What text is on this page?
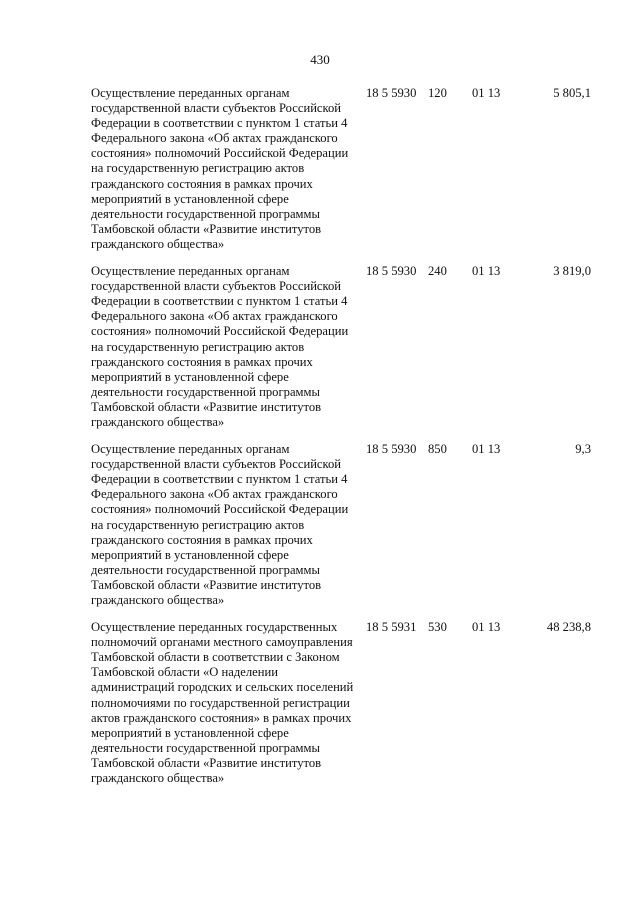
430
Осуществление переданных органам государственной власти субъектов Российской Федерации в соответствии с пунктом 1 статьи 4 Федерального закона «Об актах гражданского состояния» полномочий Российской Федерации на государственную регистрацию актов гражданского состояния в рамках прочих мероприятий в установленной сфере деятельности государственной программы Тамбовской области «Развитие институтов гражданского общества»
18 5 5930 120 01 13	5 805,1
Осуществление переданных органам государственной власти субъектов Российской Федерации в соответствии с пунктом 1 статьи 4 Федерального закона «Об актах гражданского состояния» полномочий Российской Федерации на государственную регистрацию актов гражданского состояния в рамках прочих мероприятий в установленной сфере деятельности государственной программы Тамбовской области «Развитие институтов гражданского общества»
18 5 5930 240 01 13	3 819,0
Осуществление переданных органам государственной власти субъектов Российской Федерации в соответствии с пунктом 1 статьи 4 Федерального закона «Об актах гражданского состояния» полномочий Российской Федерации на государственную регистрацию актов гражданского состояния в рамках прочих мероприятий в установленной сфере деятельности государственной программы Тамбовской области «Развитие институтов гражданского общества»
18 5 5930 850 01 13	9,3
Осуществление переданных государственных полномочий органами местного самоуправления Тамбовской области в соответствии с Законом Тамбовской области «О наделении администраций городских и сельских поселений полномочиями по государственной регистрации актов гражданского состояния» в рамках прочих мероприятий в установленной сфере деятельности государственной программы Тамбовской области «Развитие институтов гражданского общества»
18 5 5931 530 01 13	48 238,8
